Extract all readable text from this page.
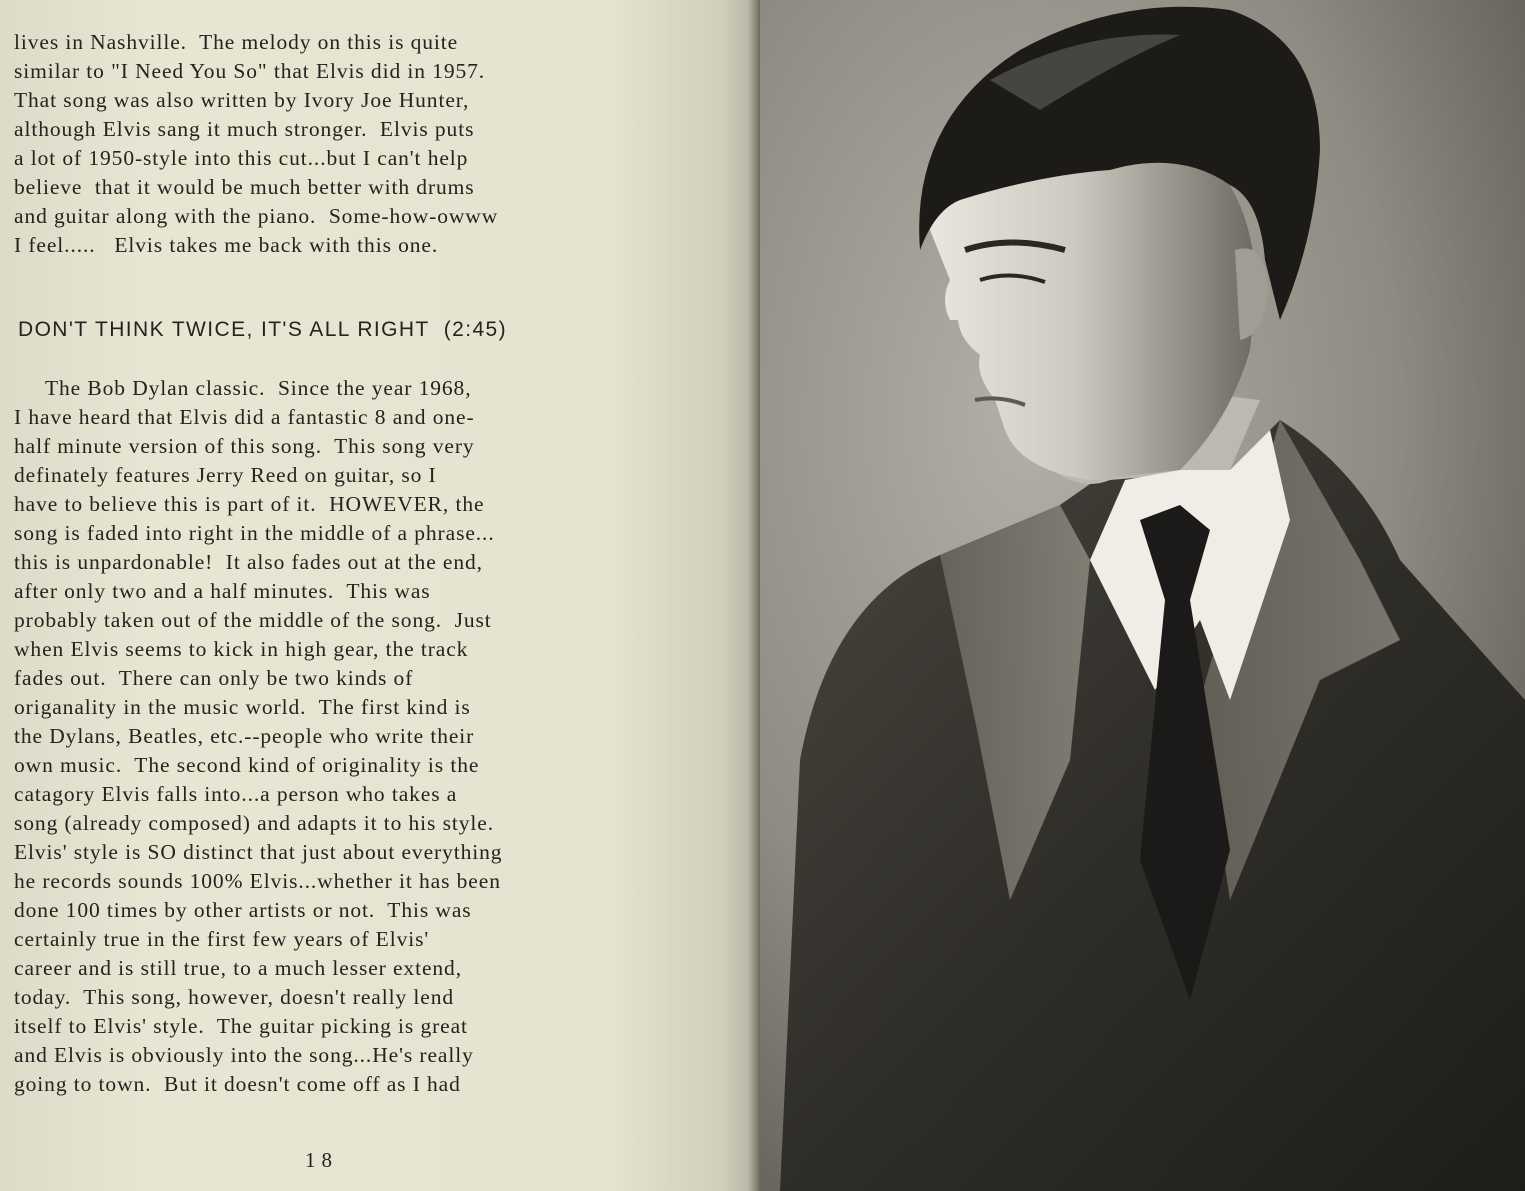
lives in Nashville.  The melody on this is quite
similar to "I Need You So" that Elvis did in 1957.
That song was also written by Ivory Joe Hunter,
although Elvis sang it much stronger.  Elvis puts
a lot of 1950-style into this cut...but I can't help
believe  that it would be much better with drums
and guitar along with the piano.  Some-how-owww
I feel.....   Elvis takes me back with this one.
DON'T THINK TWICE, IT'S ALL RIGHT  (2:45)
The Bob Dylan classic.  Since the year 1968,
I have heard that Elvis did a fantastic 8 and one-
half minute version of this song.  This song very
definately features Jerry Reed on guitar, so I
have to believe this is part of it.  HOWEVER, the
song is faded into right in the middle of a phrase...
this is unpardonable!  It also fades out at the end,
after only two and a half minutes.  This was
probably taken out of the middle of the song.  Just
when Elvis seems to kick in high gear, the track
fades out.  There can only be two kinds of
origanality in the music world.  The first kind is
the Dylans, Beatles, etc.--people who write their
own music.  The second kind of originality is the
catagory Elvis falls into...a person who takes a
song (already composed) and adapts it to his style.
Elvis' style is SO distinct that just about everything
he records sounds 100% Elvis...whether it has been
done 100 times by other artists or not.  This was
certainly true in the first few years of Elvis'
career and is still true, to a much lesser extend,
today.  This song, however, doesn't really lend
itself to Elvis' style.  The guitar picking is great
and Elvis is obviously into the song...He's really
going to town.  But it doesn't come off as I had
18
